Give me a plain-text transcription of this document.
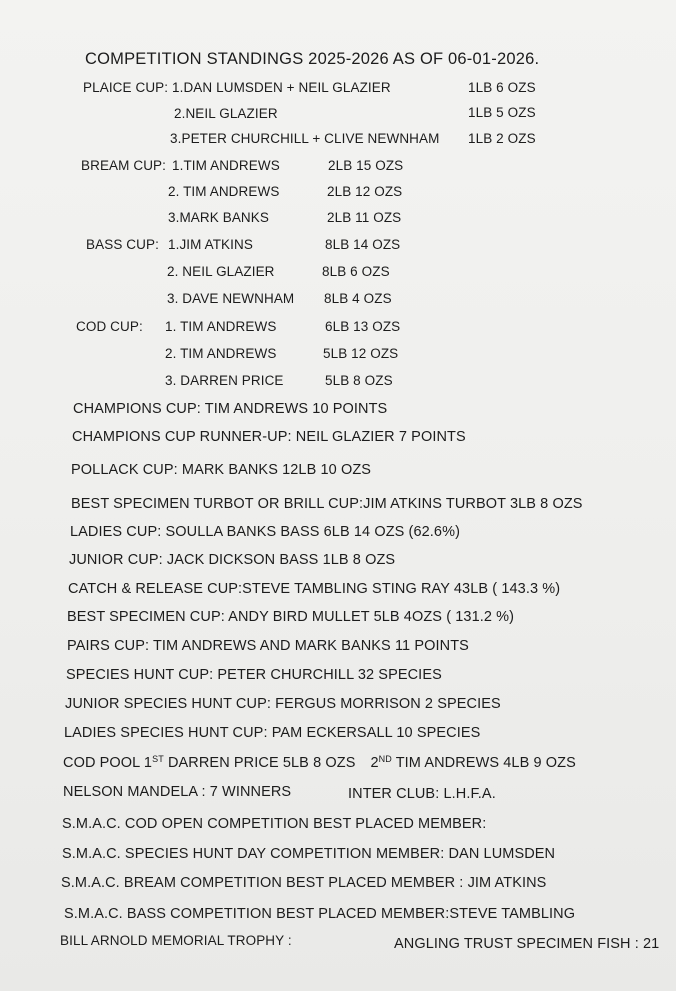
COMPETITION STANDINGS 2025-2026 AS OF 06-01-2026.
PLAICE CUP: 1.DAN LUMSDEN + NEIL GLAZIER	1LB 6 OZS
2.NEIL GLAZIER	1LB 5 OZS
3.PETER CHURCHILL + CLIVE NEWNHAM 1LB 2 OZS
BREAM CUP: 1.TIM ANDREWS	2LB 15 OZS
2. TIM ANDREWS	2LB 12 OZS
3.MARK BANKS	2LB 11 OZS
BASS CUP: 1.JIM ATKINS	8LB 14 OZS
2. NEIL GLAZIER	8LB 6 OZS
3. DAVE NEWNHAM 8LB 4 OZS
COD CUP: 1. TIM ANDREWS	6LB 13 OZS
2. TIM ANDREWS	5LB 12 OZS
3. DARREN PRICE	5LB 8 OZS
CHAMPIONS CUP: TIM ANDREWS 10 POINTS
CHAMPIONS CUP RUNNER-UP: NEIL GLAZIER 7 POINTS
POLLACK CUP: MARK BANKS 12LB 10 OZS
BEST SPECIMEN TURBOT OR BRILL CUP:JIM ATKINS TURBOT 3LB 8 OZS
LADIES CUP: SOULLA BANKS BASS 6LB 14 OZS (62.6%)
JUNIOR CUP: JACK DICKSON BASS 1LB 8 OZS
CATCH & RELEASE CUP:STEVE TAMBLING STING RAY 43LB ( 143.3 %)
BEST SPECIMEN CUP: ANDY BIRD MULLET 5LB 4OZS ( 131.2 %)
PAIRS CUP: TIM ANDREWS AND MARK BANKS 11 POINTS
SPECIES HUNT CUP: PETER CHURCHILL 32 SPECIES
JUNIOR SPECIES HUNT CUP: FERGUS MORRISON 2 SPECIES
LADIES SPECIES HUNT CUP: PAM ECKERSALL 10 SPECIES
COD POOL 1ST DARREN PRICE 5LB 8 OZS 2ND TIM ANDREWS 4LB 9 OZS
NELSON MANDELA : 7 WINNERS	INTER CLUB: L.H.F.A.
S.M.A.C. COD OPEN COMPETITION BEST PLACED MEMBER:
S.M.A.C. SPECIES HUNT DAY COMPETITION MEMBER: DAN LUMSDEN
S.M.A.C. BREAM COMPETITION BEST PLACED MEMBER : JIM ATKINS
S.M.A.C. BASS COMPETITION BEST PLACED MEMBER:STEVE TAMBLING
BILL ARNOLD MEMORIAL TROPHY :	ANGLING TRUST SPECIMEN FISH : 21
